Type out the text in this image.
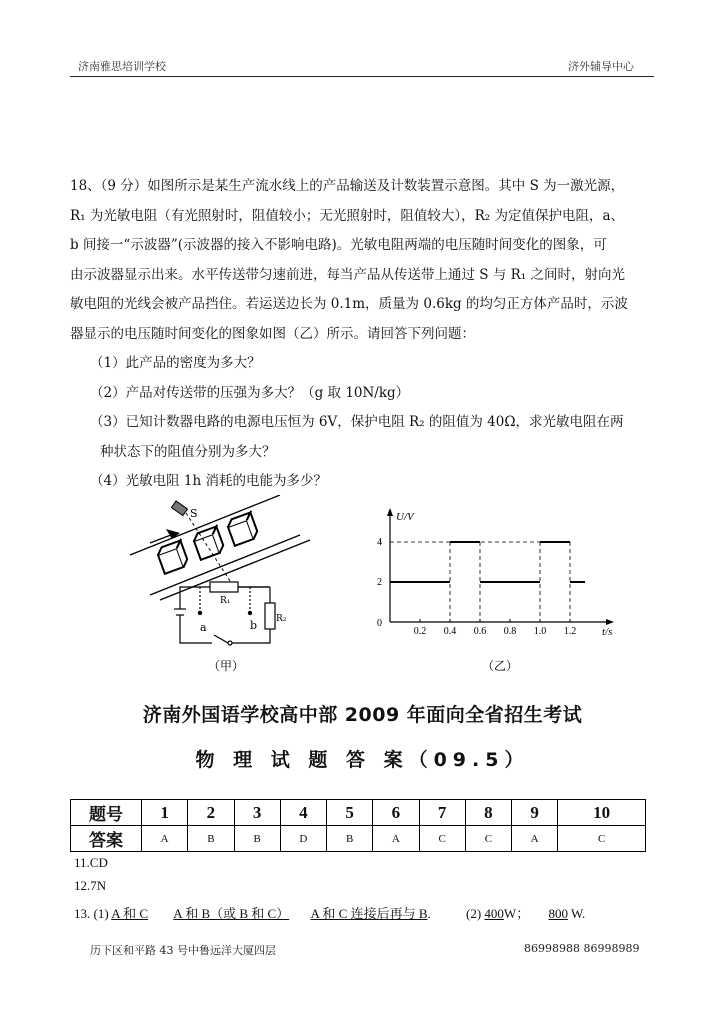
济南雅思培训学校	济外辅导中心

18、（9 分）如图所示是某生产流水线上的产品输送及计数装置示意图。其中 S 为一激光源，

R₁ 为光敏电阻（有光照射时，阻值较小；无光照射时，阻值较大），R₂ 为定值保护电阻，a、

b 间接一“示波器”(示波器的接入不影响电路)。光敏电阻两端的电压随时间变化的图象，可

由示波器显示出来。水平传送带匀速前进，每当产品从传送带上通过 S 与 R₁ 之间时，射向光

敏电阻的光线会被产品挡住。若运送边长为 0.1m，质量为 0.6kg 的均匀正方体产品时，示波

器显示的电压随时间变化的图象如图（乙）所示。请回答下列问题：

（1）此产品的密度为多大？

（2）产品对传送带的压强为多大？（g 取 10N/kg）

（3）已知计数器电路的电源电压恒为 6V，保护电阻 R₂ 的阻值为 40Ω，求光敏电阻在两

种状态下的阻值分别为多大？

（4）光敏电阻 1h 消耗的电能为多少？

S
R₁
R₂
a	b
（甲）
0.2 0.4 0.6 0.8 1.0 1.2
2
4
0
t/s
U/V
（乙）
济南外国语学校高中部 2009 年面向全省招生考试
物 理 试 题 答 案（09.5）
题号	1	2	3	4	5	6	7	8	9	10
答案	A	B	B	D	B	A	C	C	A	C
11.CD
12.7N
13. (1) A 和 C A 和 B（或 B 和 C） A 和 C 连接后再与 B.	(2) 400W； 800 W.
历下区和平路 43 号中鲁远洋大厦四层	86998988 86998989
